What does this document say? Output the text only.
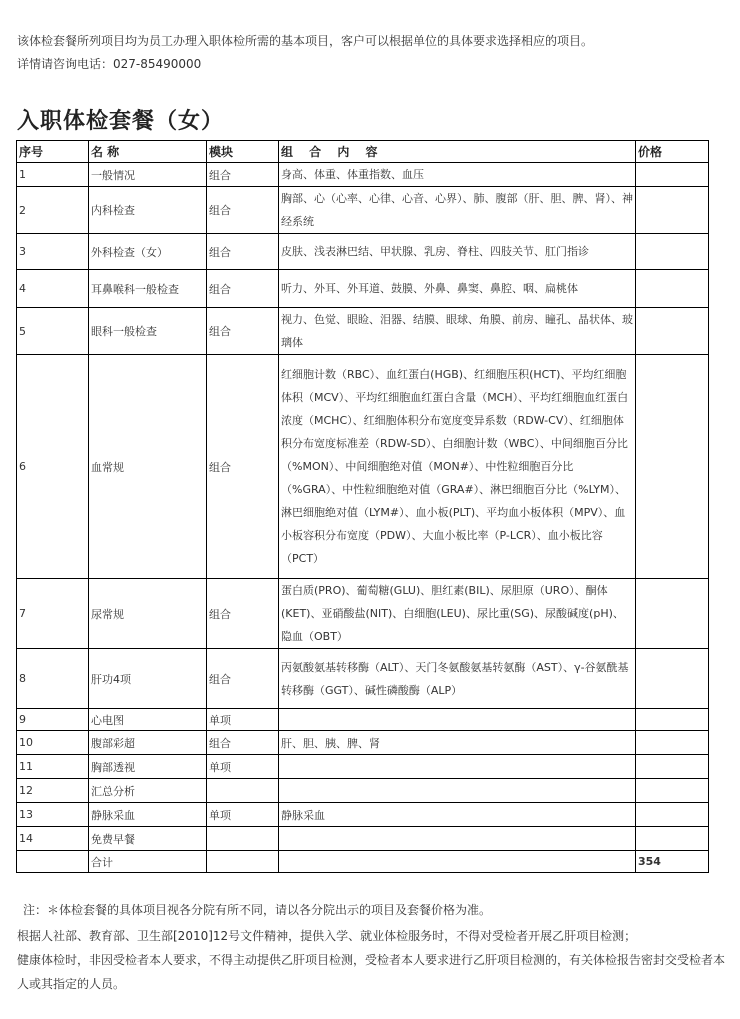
该体检套餐所列项目均为员工办理入职体检所需的基本项目，客户可以根据单位的具体要求选择相应的项目。
详情请咨询电话：027-85490000
入职体检套餐（女）
序号	名 称	模块	组 合 内 容	价格
1	一般情况	组合	身高、体重、体重指数、血压	
2	内科检查	组合	胸部、心（心率、心律、心音、心界）、肺、腹部（肝、胆、脾、肾）、神经系统	
3	外科检查（女）	组合	皮肤、浅表淋巴结、甲状腺、乳房、脊柱、四肢关节、肛门指诊	
4	耳鼻喉科一般检查	组合	听力、外耳、外耳道、鼓膜、外鼻、鼻窦、鼻腔、咽、扁桃体	
5	眼科一般检查	组合	视力、色觉、眼睑、泪器、结膜、眼球、角膜、前房、瞳孔、晶状体、玻璃体	
6	血常规	组合	红细胞计数（RBC）、血红蛋白(HGB)、红细胞压积(HCT)、平均红细胞体积（MCV）、平均红细胞血红蛋白含量（MCH）、平均红细胞血红蛋白浓度（MCHC）、红细胞体积分布宽度变异系数（RDW-CV）、红细胞体积分布宽度标准差（RDW-SD）、白细胞计数（WBC）、中间细胞百分比（%MON）、中间细胞绝对值（MON#）、中性粒细胞百分比（%GRA）、中性粒细胞绝对值（GRA#）、淋巴细胞百分比（%LYM）、淋巴细胞绝对值（LYM#）、血小板(PLT)、平均血小板体积（MPV）、血小板容积分布宽度（PDW）、大血小板比率（P-LCR）、血小板比容（PCT）	
7	尿常规	组合	蛋白质(PRO)、葡萄糖(GLU)、胆红素(BIL)、尿胆原（URO）、酮体(KET)、亚硝酸盐(NIT)、白细胞(LEU)、尿比重(SG)、尿酸碱度(pH)、隐血（OBT）	
8	肝功4项	组合	丙氨酸氨基转移酶（ALT）、天门冬氨酸氨基转氨酶（AST）、γ-谷氨酰基转移酶（GGT）、碱性磷酸酶（ALP）	
9	心电图	单项		
10	腹部彩超	组合	肝、胆、胰、脾、肾	
11	胸部透视	单项		
12	汇总分析			
13	静脉采血	单项	静脉采血	
14	免费早餐			
	合计			354
注：＊体检套餐的具体项目视各分院有所不同，请以各分院出示的项目及套餐价格为准。
根据人社部、教育部、卫生部[2010]12号文件精神，提供入学、就业体检服务时，不得对受检者开展乙肝项目检测；
健康体检时，非因受检者本人要求，不得主动提供乙肝项目检测，受检者本人要求进行乙肝项目检测的，有关体检报告密封交受检者本人或其指定的人员。
